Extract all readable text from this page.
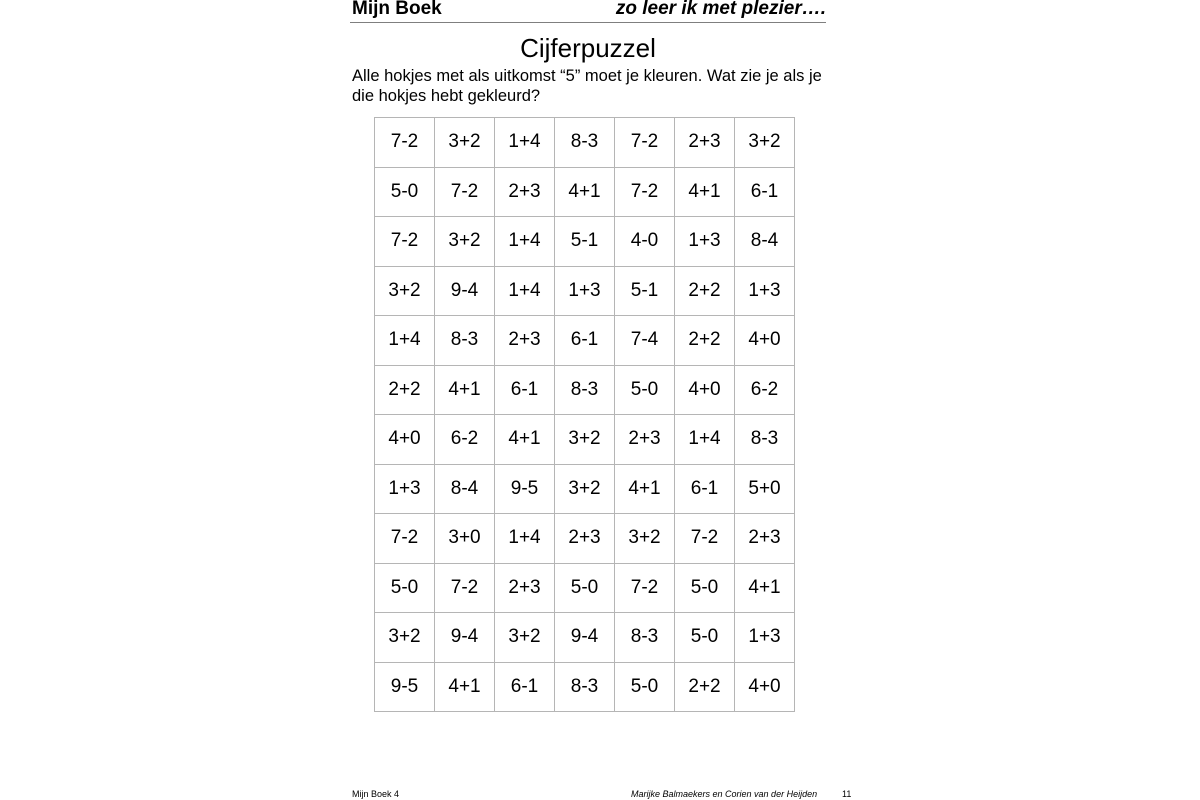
Mijn Boek	zo leer ik met plezier….
Cijferpuzzel
Alle hokjes met als uitkomst “5” moet je kleuren. Wat zie je als je die hokjes hebt gekleurd?
7-2	3+2	1+4	8-3	7-2	2+3	3+2
5-0	7-2	2+3	4+1	7-2	4+1	6-1
7-2	3+2	1+4	5-1	4-0	1+3	8-4
3+2	9-4	1+4	1+3	5-1	2+2	1+3
1+4	8-3	2+3	6-1	7-4	2+2	4+0
2+2	4+1	6-1	8-3	5-0	4+0	6-2
4+0	6-2	4+1	3+2	2+3	1+4	8-3
1+3	8-4	9-5	3+2	4+1	6-1	5+0
7-2	3+0	1+4	2+3	3+2	7-2	2+3
5-0	7-2	2+3	5-0	7-2	5-0	4+1
3+2	9-4	3+2	9-4	8-3	5-0	1+3
9-5	4+1	6-1	8-3	5-0	2+2	4+0
Mijn Boek 4	Marijke Balmaekers en Corien van der Heijden	11
